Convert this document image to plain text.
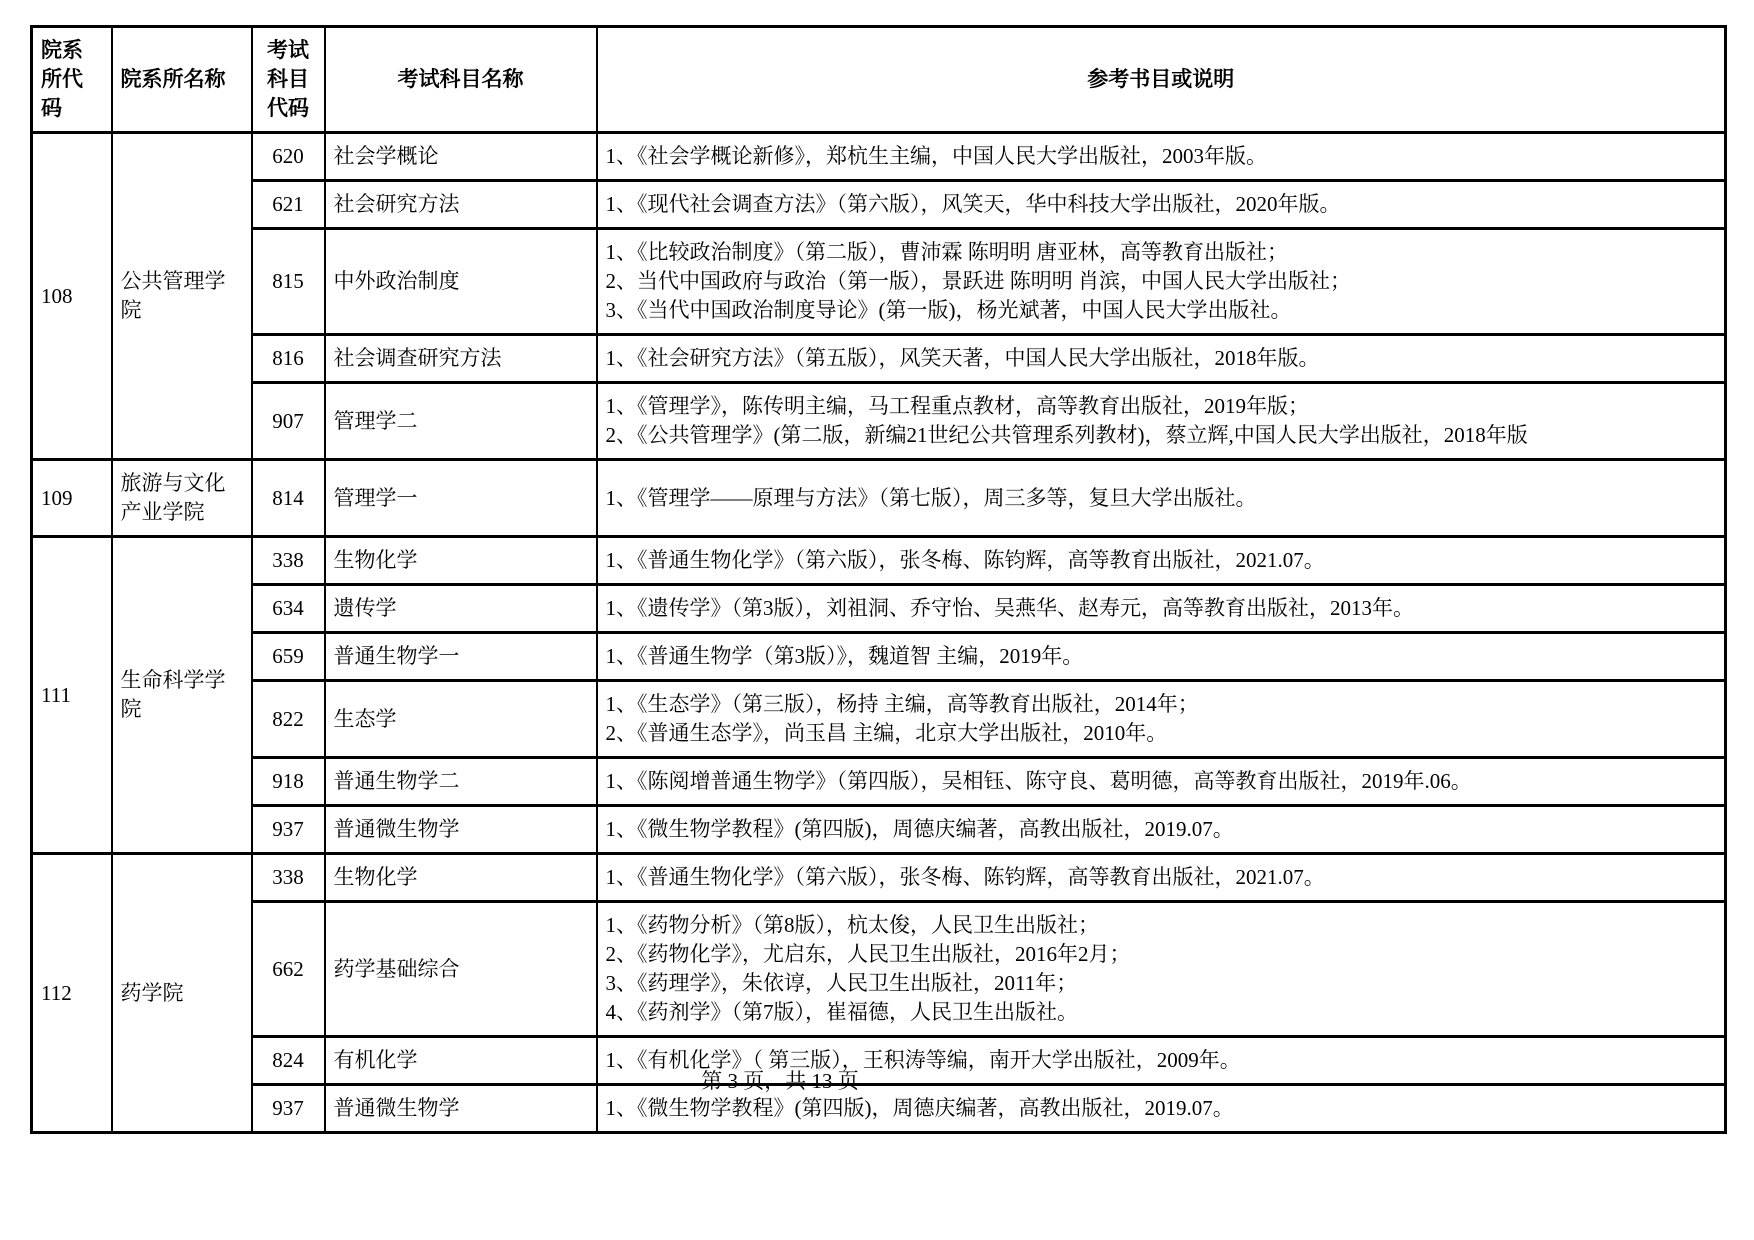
院系所代码	院系所名称	考试科目代码	考试科目名称	参考书目或说明
108	公共管理学院	620	社会学概论	1、《社会学概论新修》，郑杭生主编，中国人民大学出版社，2003年版。

		621	社会研究方法	1、《现代社会调查方法》（第六版），风笑天，华中科技大学出版社，2020年版。

		815	中外政治制度	1、《比较政治制度》（第二版），曹沛霖 陈明明 唐亚林，高等教育出版社；
2、当代中国政府与政治（第一版），景跃进 陈明明 肖滨，中国人民大学出版社；
3、《当代中国政治制度导论》(第一版)，杨光斌著，中国人民大学出版社。

		816	社会调查研究方法	1、《社会研究方法》（第五版），风笑天著，中国人民大学出版社，2018年版。

		907	管理学二	1、《管理学》，陈传明主编，马工程重点教材，高等教育出版社，2019年版；
2、《公共管理学》(第二版，新编21世纪公共管理系列教材)，蔡立辉,中国人民大学出版社，2018年版

109	旅游与文化产业学院	814	管理学一	1、《管理学——原理与方法》（第七版），周三多等，复旦大学出版社。

111	生命科学学院	338	生物化学	1、《普通生物化学》（第六版），张冬梅、陈钧辉，高等教育出版社，2021.07。

		634	遗传学	1、《遗传学》（第3版），刘祖洞、乔守怡、吴燕华、赵寿元，高等教育出版社，2013年。

		659	普通生物学一	1、《普通生物学（第3版）》，魏道智 主编，2019年。

		822	生态学	1、《生态学》（第三版），杨持 主编，高等教育出版社，2014年；
2、《普通生态学》，尚玉昌 主编，北京大学出版社，2010年。

		918	普通生物学二	1、《陈阅增普通生物学》（第四版），吴相钰、陈守良、葛明德，高等教育出版社，2019年.06。

		937	普通微生物学	1、《微生物学教程》(第四版)，周德庆编著，高教出版社，2019.07。

112	药学院	338	生物化学	1、《普通生物化学》（第六版），张冬梅、陈钧辉，高等教育出版社，2021.07。

		662	药学基础综合	1、《药物分析》（第8版），杭太俊，人民卫生出版社；
2、《药物化学》，尤启东，人民卫生出版社，2016年2月；
3、《药理学》，朱依谆，人民卫生出版社，2011年；
4、《药剂学》（第7版），崔福德，人民卫生出版社。

		824	有机化学	1、《有机化学》（ 第三版），王积涛等编，南开大学出版社，2009年。

		937	普通微生物学	1、《微生物学教程》(第四版)，周德庆编著，高教出版社，2019.07。
第 3 页，共 13 页
